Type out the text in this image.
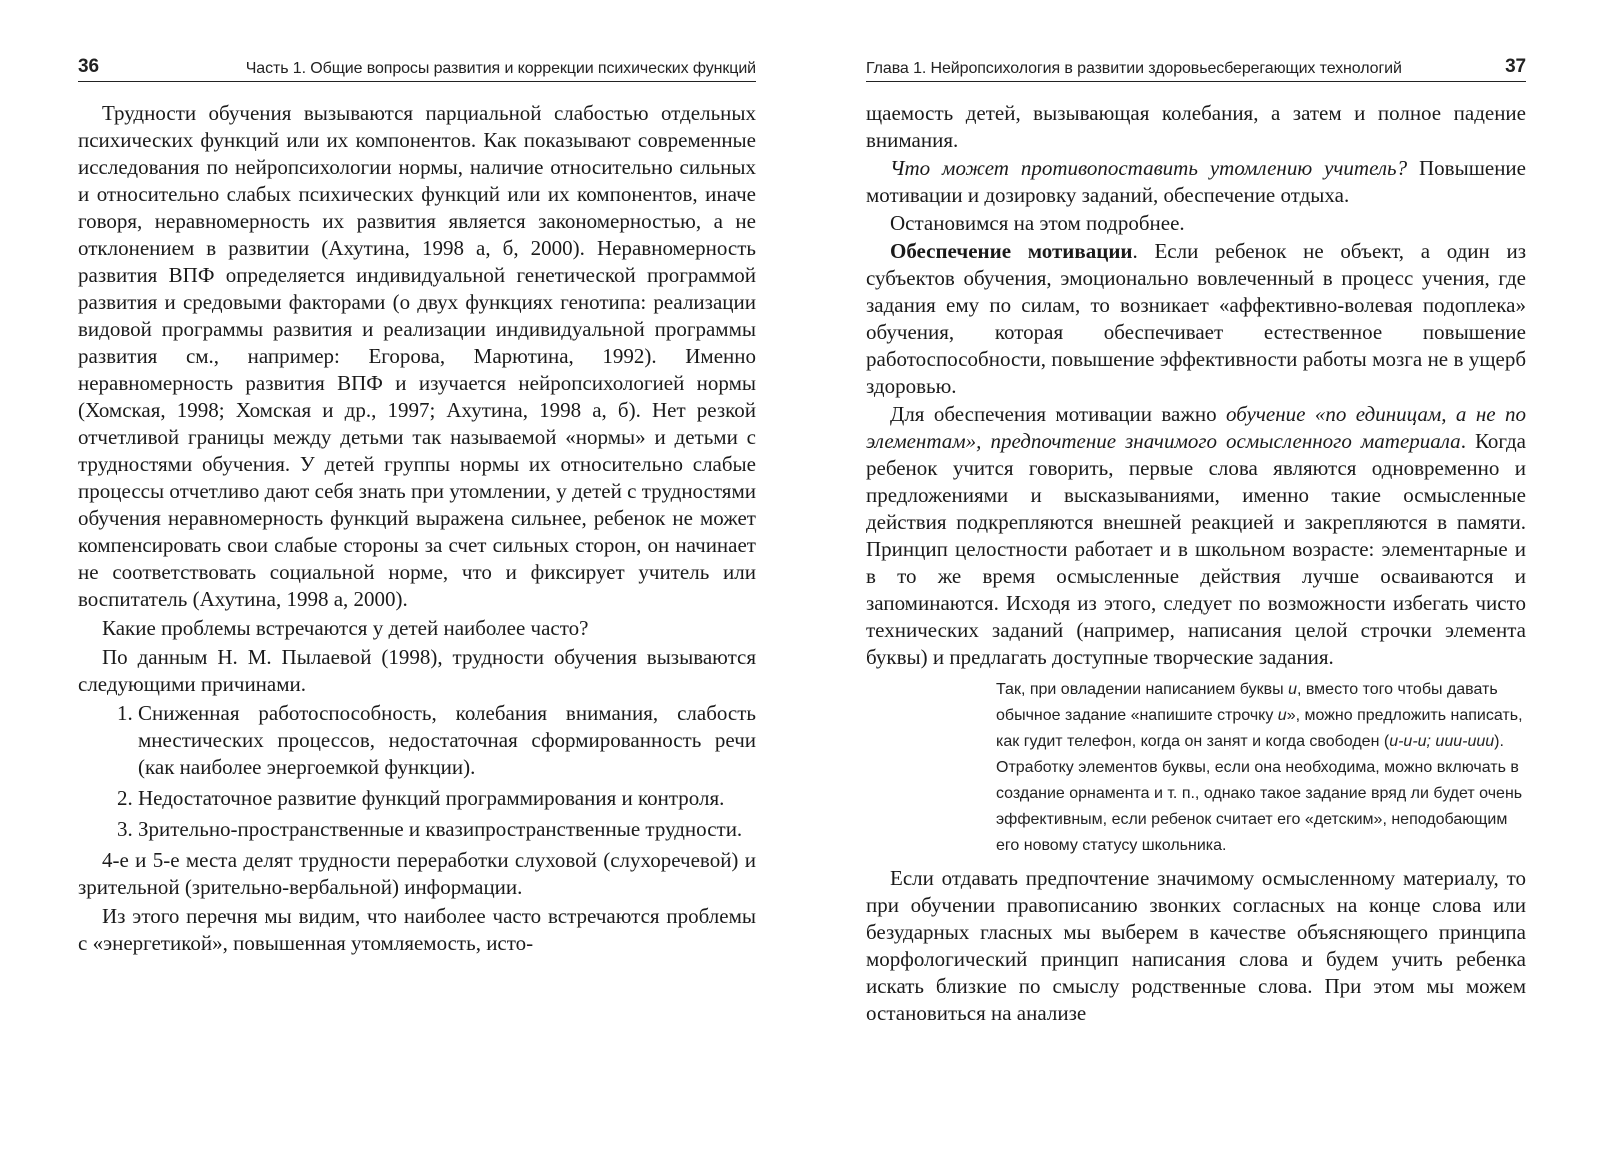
36	Часть 1. Общие вопросы развития и коррекции психических функций

Трудности обучения вызываются парциальной слабостью отдельных психических функций или их компонентов. Как показывают современные исследования по нейропсихологии нормы, наличие относительно сильных и относительно слабых психических функций или их компонентов, иначе говоря, неравномерность их развития является закономерностью, а не отклонением в развитии (Ахутина, 1998 а, б, 2000). Неравномерность развития ВПФ определяется индивидуальной генетической программой развития и средовыми факторами (о двух функциях генотипа: реализации видовой программы развития и реализации индивидуальной программы развития см., например: Егорова, Марютина, 1992). Именно неравномерность развития ВПФ и изучается нейропсихологией нормы (Хомская, 1998; Хомская и др., 1997; Ахутина, 1998 а, б). Нет резкой отчетливой границы между детьми так называемой «нормы» и детьми с трудностями обучения. У детей группы нормы их относительно слабые процессы отчетливо дают себя знать при утомлении, у детей с трудностями обучения неравномерность функций выражена сильнее, ребенок не может компенсировать свои слабые стороны за счет сильных сторон, он начинает не соответствовать социальной норме, что и фиксирует учитель или воспитатель (Ахутина, 1998 а, 2000).

Какие проблемы встречаются у детей наиболее часто?

По данным Н. М. Пылаевой (1998), трудности обучения вызываются следующими причинами.

1. Сниженная работоспособность, колебания внимания, слабость мнестических процессов, недостаточная сформированность речи (как наиболее энергоемкой функции).
2. Недостаточное развитие функций программирования и контроля.
3. Зрительно-пространственные и квазипространственные трудности.

4-е и 5-е места делят трудности переработки слуховой (слухоречевой) и зрительной (зрительно-вербальной) информации.

Из этого перечня мы видим, что наиболее часто встречаются проблемы с «энергетикой», повышенная утомляемость, исто-

Глава 1. Нейропсихология в развитии здоровьесберегающих технологий	37

щаемость детей, вызывающая колебания, а затем и полное падение внимания.

Что может противопоставить утомлению учитель? Повышение мотивации и дозировку заданий, обеспечение отдыха.

Остановимся на этом подробнее.

Обеспечение мотивации. Если ребенок не объект, а один из субъектов обучения, эмоционально вовлеченный в процесс учения, где задания ему по силам, то возникает «аффективно-волевая подоплека» обучения, которая обеспечивает естественное повышение работоспособности, повышение эффективности работы мозга не в ущерб здоровью.

Для обеспечения мотивации важно обучение «по единицам, а не по элементам», предпочтение значимого осмысленного материала. Когда ребенок учится говорить, первые слова являются одновременно и предложениями и высказываниями, именно такие осмысленные действия подкрепляются внешней реакцией и закрепляются в памяти. Принцип целостности работает и в школьном возрасте: элементарные и в то же время осмысленные действия лучше осваиваются и запоминаются. Исходя из этого, следует по возможности избегать чисто технических заданий (например, написания целой строчки элемента буквы) и предлагать доступные творческие задания.

Так, при овладении написанием буквы и, вместо того чтобы давать обычное задание «напишите строчку и», можно предложить написать, как гудит телефон, когда он занят и когда свободен (и-и-и; иии-иии). Отработку элементов буквы, если она необходима, можно включать в создание орнамента и т. п., однако такое задание вряд ли будет очень эффективным, если ребенок считает его «детским», неподобающим его новому статусу школьника.

Если отдавать предпочтение значимому осмысленному материалу, то при обучении правописанию звонких согласных на конце слова или безударных гласных мы выберем в качестве объясняющего принципа морфологический принцип написания слова и будем учить ребенка искать близкие по смыслу родственные слова. При этом мы можем остановиться на анализе
